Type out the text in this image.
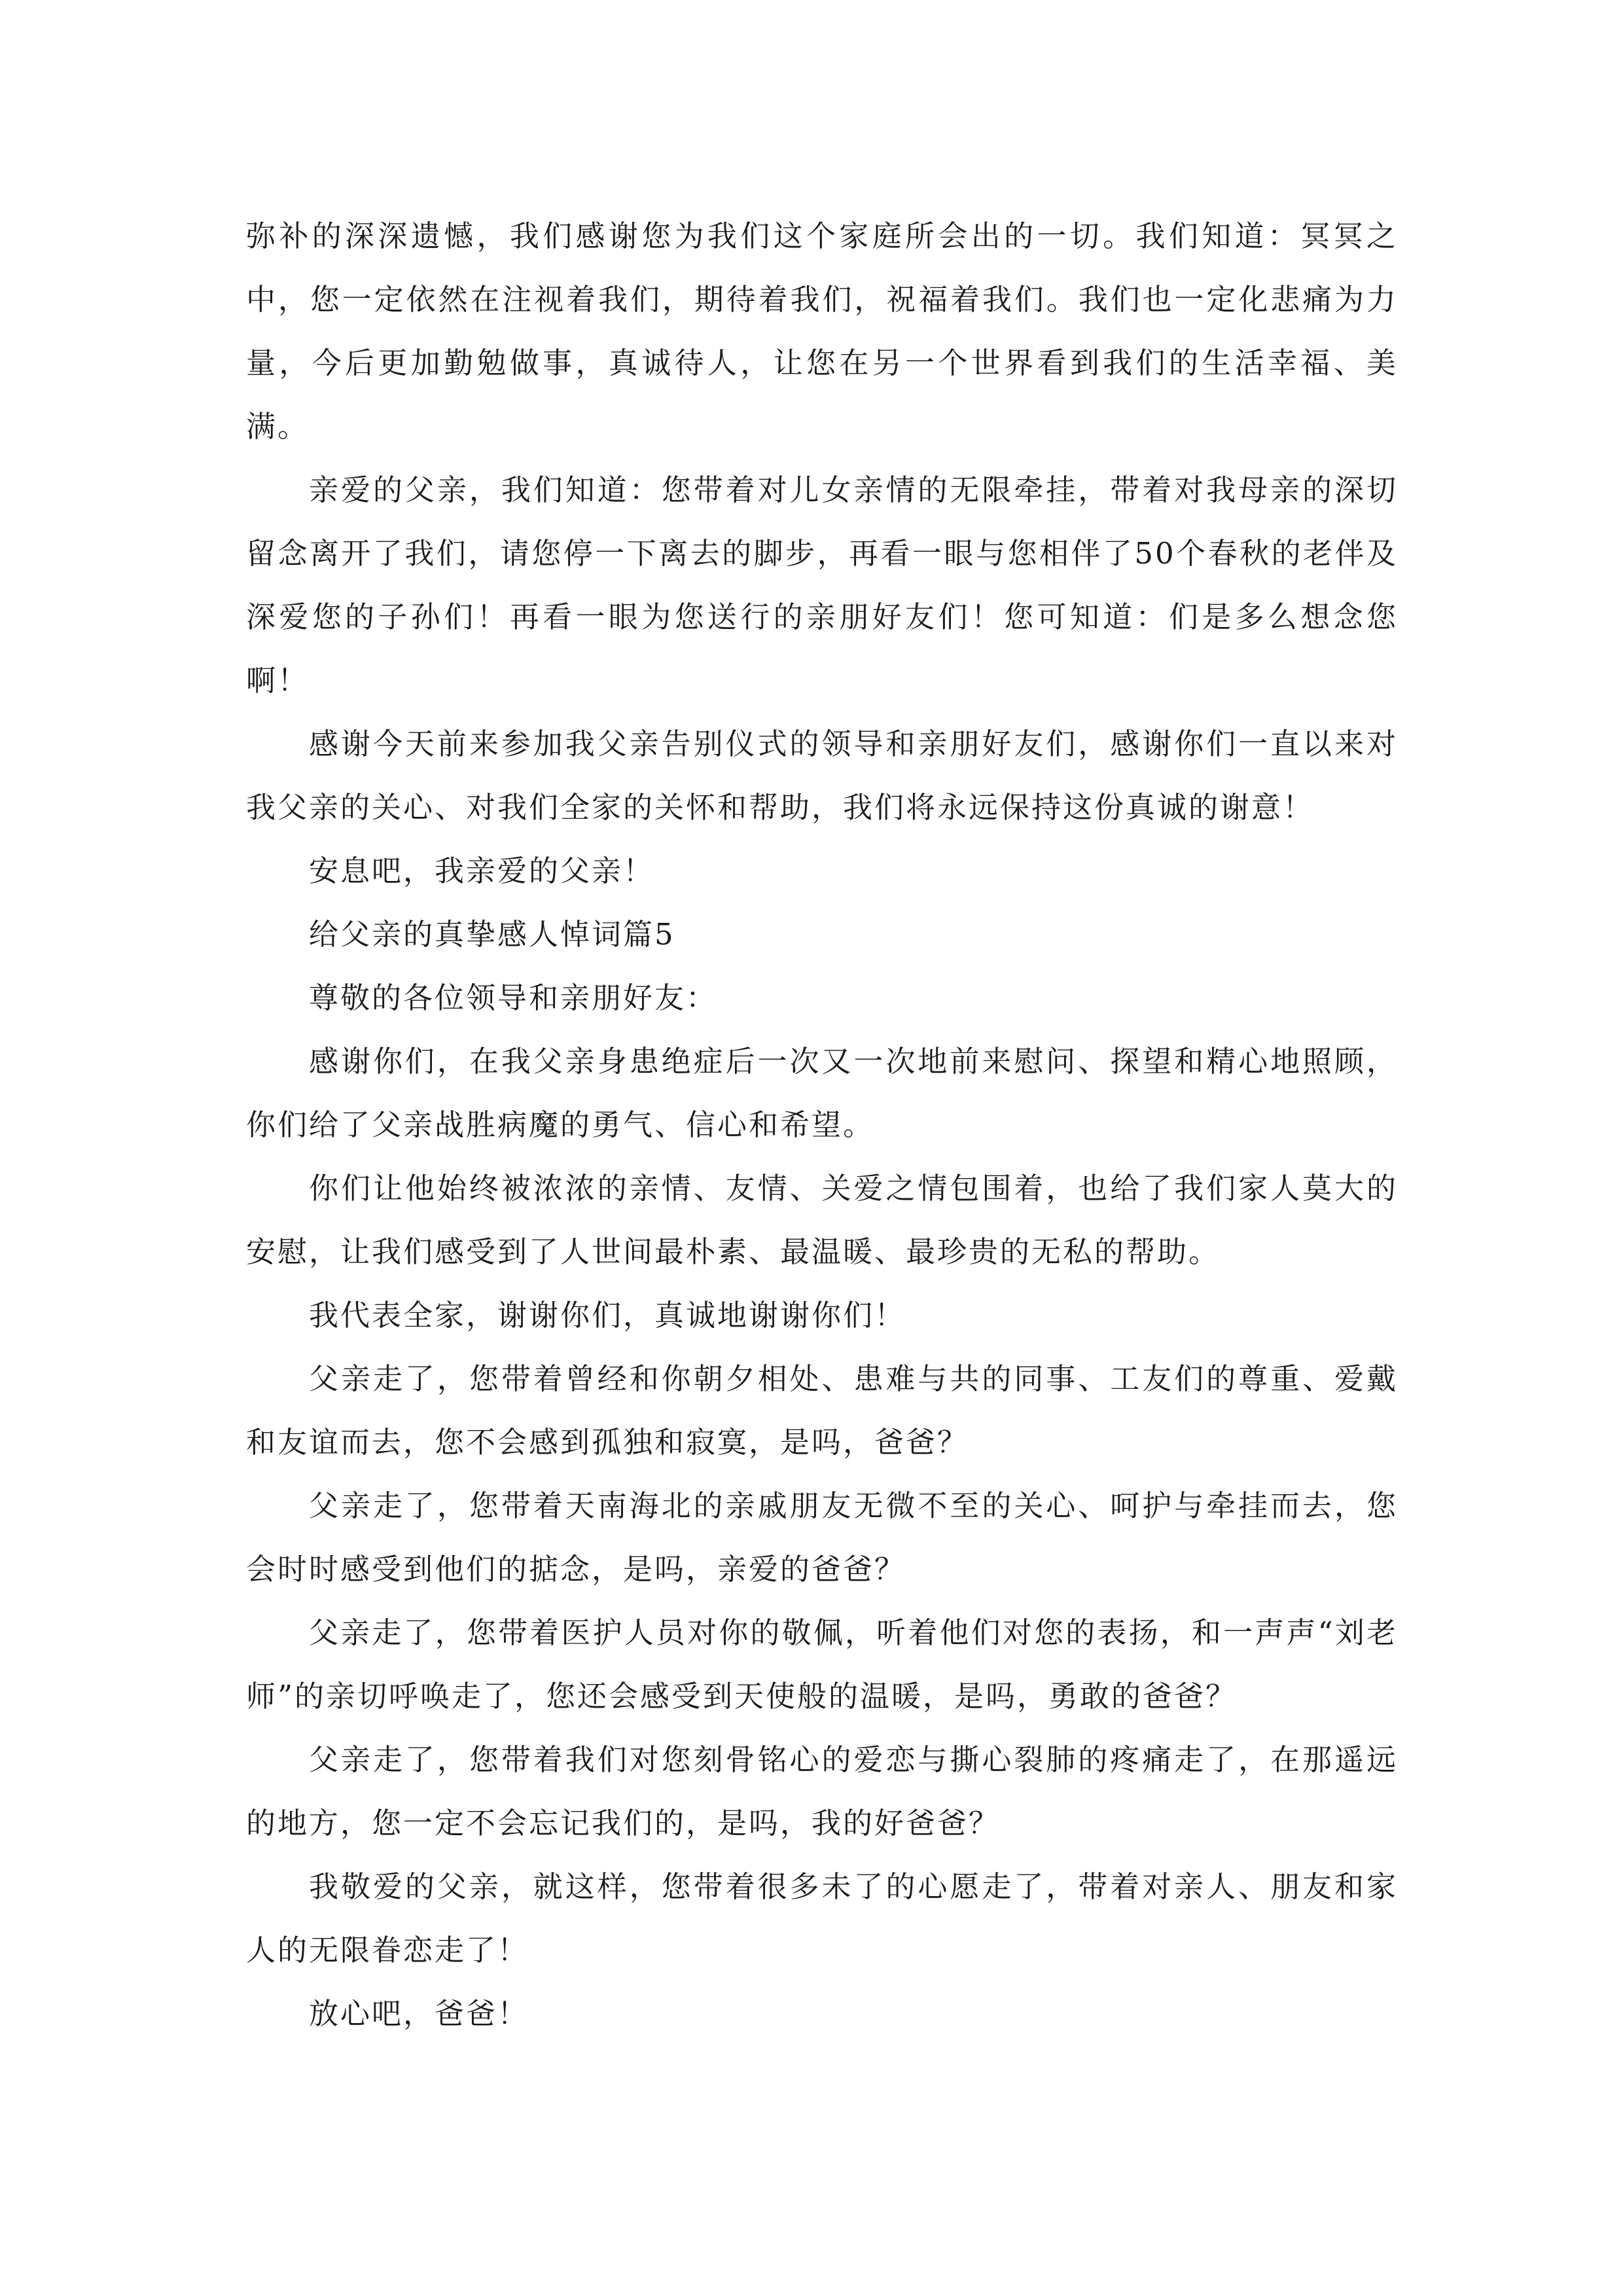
弥补的深深遗憾，我们感谢您为我们这个家庭所会出的一切。我们知道：冥冥之中，您一定依然在注视着我们，期待着我们，祝福着我们。我们也一定化悲痛为力量，今后更加勤勉做事，真诚待人，让您在另一个世界看到我们的生活幸福、美满。

亲爱的父亲，我们知道：您带着对儿女亲情的无限牵挂，带着对我母亲的深切留念离开了我们，请您停一下离去的脚步，再看一眼与您相伴了50个春秋的老伴及深爱您的子孙们！再看一眼为您送行的亲朋好友们！您可知道：们是多么想念您啊！

感谢今天前来参加我父亲告别仪式的领导和亲朋好友们，感谢你们一直以来对我父亲的关心、对我们全家的关怀和帮助，我们将永远保持这份真诚的谢意！

安息吧，我亲爱的父亲！

给父亲的真挚感人悼词篇5

尊敬的各位领导和亲朋好友：

感谢你们，在我父亲身患绝症后一次又一次地前来慰问、探望和精心地照顾，你们给了父亲战胜病魔的勇气、信心和希望。

你们让他始终被浓浓的亲情、友情、关爱之情包围着，也给了我们家人莫大的安慰，让我们感受到了人世间最朴素、最温暖、最珍贵的无私的帮助。

我代表全家，谢谢你们，真诚地谢谢你们！

父亲走了，您带着曾经和你朝夕相处、患难与共的同事、工友们的尊重、爱戴和友谊而去，您不会感到孤独和寂寞，是吗，爸爸？

父亲走了，您带着天南海北的亲戚朋友无微不至的关心、呵护与牵挂而去，您会时时感受到他们的掂念，是吗，亲爱的爸爸？

父亲走了，您带着医护人员对你的敬佩，听着他们对您的表扬，和一声声“刘老师”的亲切呼唤走了，您还会感受到天使般的温暖，是吗，勇敢的爸爸？

父亲走了，您带着我们对您刻骨铭心的爱恋与撕心裂肺的疼痛走了，在那遥远的地方，您一定不会忘记我们的，是吗，我的好爸爸？

我敬爱的父亲，就这样，您带着很多未了的心愿走了，带着对亲人、朋友和家人的无限眷恋走了！

放心吧，爸爸！
